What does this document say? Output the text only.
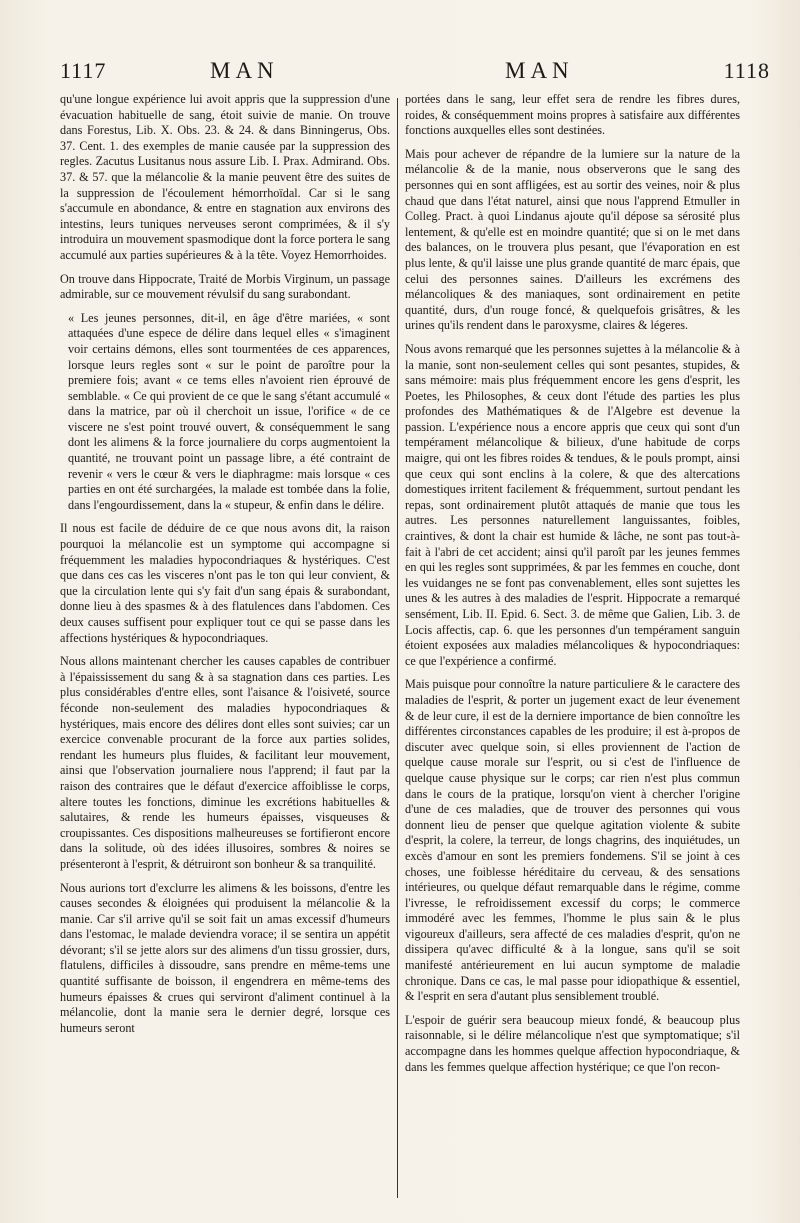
1117	MAN	MAN	1118

qu'une longue expérience lui avoit appris que la suppression d'une évacuation habituelle de sang, étoit suivie de manie. On trouve dans Forestus, Lib. X. Obs. 23. & 24. & dans Binningerus, Obs. 37. Cent. 1. des exemples de manie causée par la suppression des regles. Zacutus Lusitanus nous assure Lib. I. Prax. Admirand. Obs. 37. & 57. que la mélancolie & la manie peuvent être des suites de la suppression de l'écoulement hémorrhoïdal. Car si le sang s'accumule en abondance, & entre en stagnation aux environs des intestins, leurs tuniques nerveuses seront comprimées, & il s'y introduira un mouvement spasmodique dont la force portera le sang accumulé aux parties supérieures & à la tête. Voyez Hemorrhoides.

On trouve dans Hippocrate, Traité de Morbis Virginum, un passage admirable, sur ce mouvement révulsif du sang surabondant.

« Les jeunes personnes, dit-il, en âge d'être mariées, « sont attaquées d'une espece de délire dans lequel elles « s'imaginent voir certains démons, elles sont tourmentées de ces apparences, lorsque leurs regles sont « sur le point de paroître pour la premiere fois; avant « ce tems elles n'avoient rien éprouvé de semblable. « Ce qui provient de ce que le sang s'étant accumulé « dans la matrice, par où il cherchoit un issue, l'orifice « de ce viscere ne s'est point trouvé ouvert, & conséquemment le sang dont les alimens & la force journaliere du corps augmentoient la quantité, ne trouvant point un passage libre, a été contraint de revenir « vers le cœur & vers le diaphragme: mais lorsque « ces parties en ont été surchargées, la malade est tombée dans la folie, dans l'engourdissement, dans la « stupeur, & enfin dans le délire.

Il nous est facile de déduire de ce que nous avons dit, la raison pourquoi la mélancolie est un symptome qui accompagne si fréquemment les maladies hypocondriaques & hystériques. C'est que dans ces cas les visceres n'ont pas le ton qui leur convient, & que la circulation lente qui s'y fait d'un sang épais & surabondant, donne lieu à des spasmes & à des flatulences dans l'abdomen. Ces deux causes suffisent pour expliquer tout ce qui se passe dans les affections hystériques & hypocondriaques.

Nous allons maintenant chercher les causes capables de contribuer à l'épaississement du sang & à sa stagnation dans ces parties. Les plus considérables d'entre elles, sont l'aisance & l'oisiveté, source féconde non-seulement des maladies hypocondriaques & hystériques, mais encore des délires dont elles sont suivies; car un exercice convenable procurant de la force aux parties solides, rendant les humeurs plus fluides, & facilitant leur mouvement, ainsi que l'observation journaliere nous l'apprend; il faut par la raison des contraires que le défaut d'exercice affoiblisse le corps, altere toutes les fonctions, diminue les excrétions habituelles & salutaires, & rende les humeurs épaisses, visqueuses & croupissantes. Ces dispositions malheureuses se fortifieront encore dans la solitude, où des idées illusoires, sombres & noires se présenteront à l'esprit, & détruiront son bonheur & sa tranquilité.

Nous aurions tort d'exclurre les alimens & les boissons, d'entre les causes secondes & éloignées qui produisent la mélancolie & la manie. Car s'il arrive qu'il se soit fait un amas excessif d'humeurs dans l'estomac, le malade deviendra vorace; il se sentira un appétit dévorant; s'il se jette alors sur des alimens d'un tissu grossier, durs, flatulens, difficiles à dissoudre, sans prendre en même-tems une quantité suffisante de boisson, il engendrera en même-tems des humeurs épaisses & crues qui serviront d'aliment continuel à la mélancolie, dont la manie sera le dernier degré, lorsque ces humeurs seront

portées dans le sang, leur effet sera de rendre les fibres dures, roides, & conséquemment moins propres à satisfaire aux différentes fonctions auxquelles elles sont destinées.

Mais pour achever de répandre de la lumiere sur la nature de la mélancolie & de la manie, nous observerons que le sang des personnes qui en sont affligées, est au sortir des veines, noir & plus chaud que dans l'état naturel, ainsi que nous l'apprend Etmuller in Colleg. Pract. à quoi Lindanus ajoute qu'il dépose sa sérosité plus lentement, & qu'elle est en moindre quantité; que si on le met dans des balances, on le trouvera plus pesant, que l'évaporation en est plus lente, & qu'il laisse une plus grande quantité de marc épais, que celui des personnes saines. D'ailleurs les excrémens des mélancoliques & des maniaques, sont ordinairement en petite quantité, durs, d'un rouge foncé, & quelquefois grisâtres, & les urines qu'ils rendent dans le paroxysme, claires & légeres.

Nous avons remarqué que les personnes sujettes à la mélancolie & à la manie, sont non-seulement celles qui sont pesantes, stupides, & sans mémoire: mais plus fréquemment encore les gens d'esprit, les Poetes, les Philosophes, & ceux dont l'étude des parties les plus profondes des Mathématiques & de l'Algebre est devenue la passion. L'expérience nous a encore appris que ceux qui sont d'un tempérament mélancolique & bilieux, d'une habitude de corps maigre, qui ont les fibres roides & tendues, & le pouls prompt, ainsi que ceux qui sont enclins à la colere, & que des altercations domestiques irritent facilement & fréquemment, surtout pendant les repas, sont ordinairement plutôt attaqués de manie que tous les autres. Les personnes naturellement languissantes, foibles, craintives, & dont la chair est humide & lâche, ne sont pas tout-à-fait à l'abri de cet accident; ainsi qu'il paroît par les jeunes femmes en qui les regles sont supprimées, & par les femmes en couche, dont les vuidanges ne se font pas convenablement, elles sont sujettes les unes & les autres à des maladies de l'esprit. Hippocrate a remarqué sensément, Lib. II. Epid. 6. Sect. 3. de même que Galien, Lib. 3. de Locis affectis, cap. 6. que les personnes d'un tempérament sanguin étoient exposées aux maladies mélancoliques & hypocondriaques: ce que l'expérience a confirmé.

Mais puisque pour connoître la nature particuliere & le caractere des maladies de l'esprit, & porter un jugement exact de leur évenement & de leur cure, il est de la derniere importance de bien connoître les différentes circonstances capables de les produire; il est à-propos de discuter avec quelque soin, si elles proviennent de l'action de quelque cause morale sur l'esprit, ou si c'est de l'influence de quelque cause physique sur le corps; car rien n'est plus commun dans le cours de la pratique, lorsqu'on vient à chercher l'origine d'une de ces maladies, que de trouver des personnes qui vous donnent lieu de penser que quelque agitation violente & subite d'esprit, la colere, la terreur, de longs chagrins, des inquiétudes, un excès d'amour en sont les premiers fondemens. S'il se joint à ces choses, une foiblesse héréditaire du cerveau, & des sensations intérieures, ou quelque défaut remarquable dans le régime, comme l'ivresse, le refroidissement excessif du corps; le commerce immodéré avec les femmes, l'homme le plus sain & le plus vigoureux d'ailleurs, sera affecté de ces maladies d'esprit, qu'on ne dissipera qu'avec difficulté & à la longue, sans qu'il se soit manifesté antérieurement en lui aucun symptome de maladie chronique. Dans ce cas, le mal passe pour idiopathique & essentiel, & l'esprit en sera d'autant plus sensiblement troublé.

L'espoir de guérir sera beaucoup mieux fondé, & beaucoup plus raisonnable, si le délire mélancolique n'est que symptomatique; s'il accompagne dans les hommes quelque affection hypocondriaque, & dans les femmes quelque affection hystérique; ce que l'on recon-
